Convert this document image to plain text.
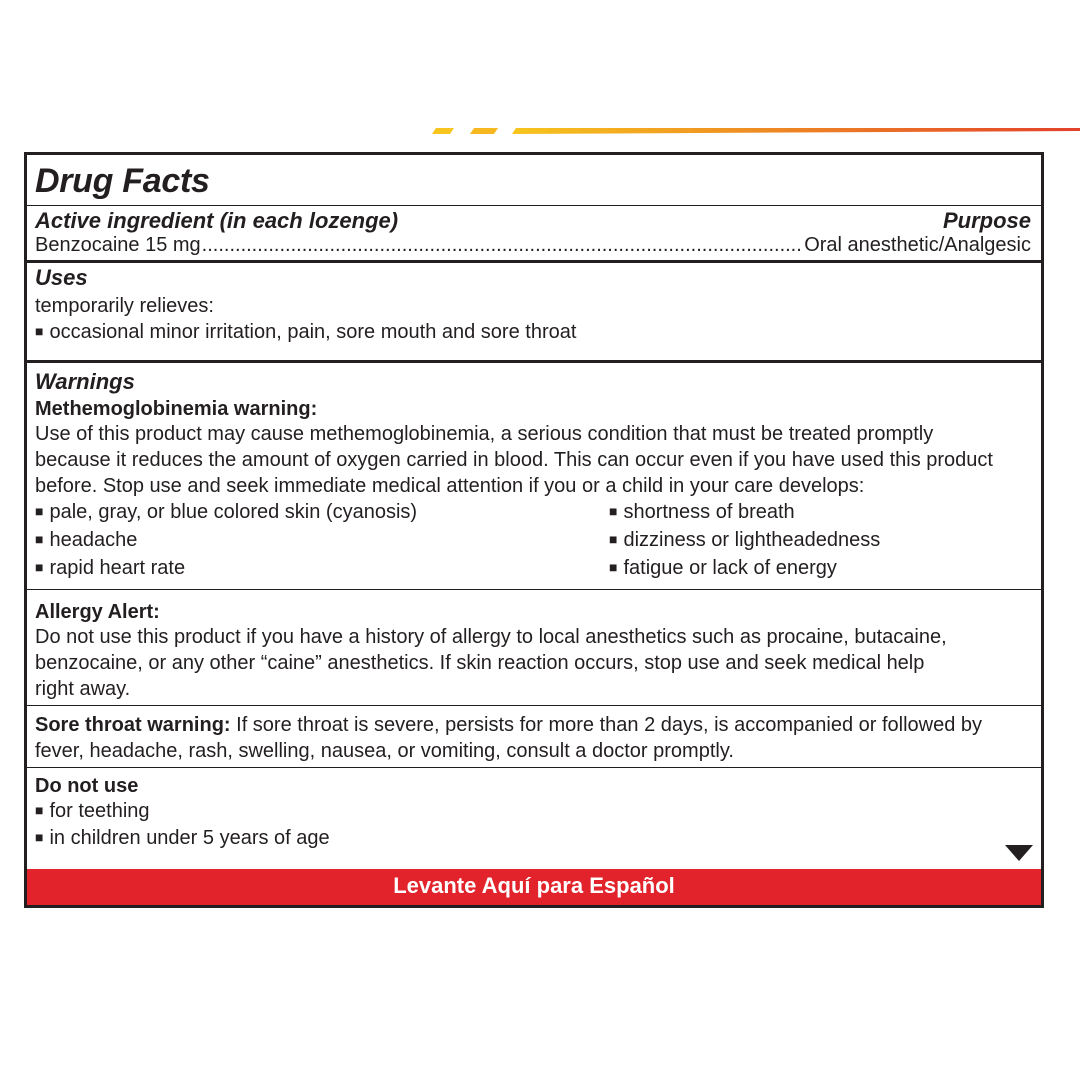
Drug Facts
Active ingredient (in each lozenge)	Purpose
Benzocaine 15 mg
.....	Oral anesthetic/Analgesic
Uses
temporarily relieves:
■ occasional minor irritation, pain, sore mouth and sore throat
Warnings
Methemoglobinemia warning:
Use of this product may cause methemoglobinemia, a serious condition that must be treated promptly
because it reduces the amount of oxygen carried in blood. This can occur even if you have used this product
before. Stop use and seek immediate medical attention if you or a child in your care develops:
■ pale, gray, or blue colored skin (cyanosis)
■ headache
■ rapid heart rate
■ shortness of breath
■ dizziness or lightheadedness
■ fatigue or lack of energy
Allergy Alert:
Do not use this product if you have a history of allergy to local anesthetics such as procaine, butacaine,
benzocaine, or any other “caine” anesthetics. If skin reaction occurs, stop use and seek medical help
right away.
Sore throat warning: If sore throat is severe, persists for more than 2 days, is accompanied or followed by
fever, headache, rash, swelling, nausea, or vomiting, consult a doctor promptly.
Do not use
■ for teething
■ in children under 5 years of age
Levante Aquí para Español
